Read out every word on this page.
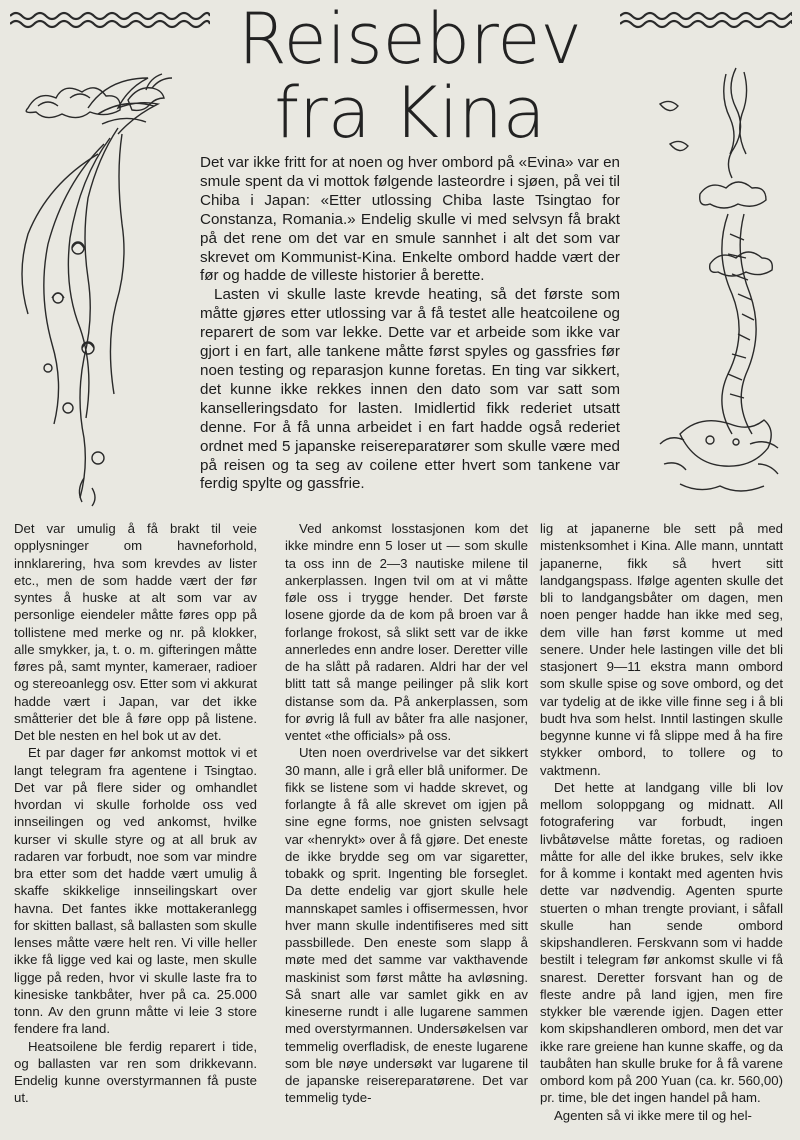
Reisebrev
fra Kina

Det var ikke fritt for at noen og hver ombord på «Evina» var en smule spent da vi mottok følgende lasteordre i sjøen, på vei til Chiba i Japan: «Etter utlossing Chiba laste Tsingtao for Constanza, Romania.» Endelig skulle vi med selvsyn få brakt på det rene om det var en smule sannhet i alt det som var skrevet om Kommunist-Kina. Enkelte ombord hadde vært der før og hadde de villeste historier å berette.

Lasten vi skulle laste krevde heating, så det første som måtte gjøres etter utlossing var å få testet alle heatcoilene og reparert de som var lekke. Dette var et arbeide som ikke var gjort i en fart, alle tankene måtte først spyles og gassfries før noen testing og reparasjon kunne foretas. En ting var sikkert, det kunne ikke rekkes innen den dato som var satt som kanselleringsdato for lasten. Imidlertid fikk rederiet utsatt denne. For å få unna arbeidet i en fart hadde også rederiet ordnet med 5 japanske reisereparatører som skulle være med på reisen og ta seg av coilene etter hvert som tankene var ferdig spylte og gassfrie.

Det var umulig å få brakt til veie opplysninger om havneforhold, innklarering, hva som krevdes av lister etc., men de som hadde vært der før syntes å huske at alt som var av personlige eiendeler måtte føres opp på tollistene med merke og nr. på klokker, alle smykker, ja, t. o. m. gifteringen måtte føres på, samt mynter, kameraer, radioer og stereoanlegg osv. Etter som vi akkurat hadde vært i Japan, var det ikke småtterier det ble å føre opp på listene. Det ble nesten en hel bok ut av det.

Et par dager før ankomst mottok vi et langt telegram fra agentene i Tsingtao. Det var på flere sider og omhandlet hvordan vi skulle forholde oss ved innseilingen og ved ankomst, hvilke kurser vi skulle styre og at all bruk av radaren var forbudt, noe som var mindre bra etter som det hadde vært umulig å skaffe skikkelige innseilingskart over havna. Det fantes ikke mottakeranlegg for skitten ballast, så ballasten som skulle lenses måtte være helt ren. Vi ville heller ikke få ligge ved kai og laste, men skulle ligge på reden, hvor vi skulle laste fra to kinesiske tankbåter, hver på ca. 25.000 tonn. Av den grunn måtte vi leie 3 store fendere fra land.

Heatsoilene ble ferdig reparert i tide, og ballasten var ren som drikkevann. Endelig kunne overstyrmannen få puste ut.

Ved ankomst losstasjonen kom det ikke mindre enn 5 loser ut — som skulle ta oss inn de 2—3 nautiske milene til ankerplassen. Ingen tvil om at vi måtte føle oss i trygge hender. Det første losene gjorde da de kom på broen var å forlange frokost, så slikt sett var de ikke annerledes enn andre loser. Deretter ville de ha slått på radaren. Aldri har der vel blitt tatt så mange peilinger på slik kort distanse som da. På ankerplassen, som for øvrig lå full av båter fra alle nasjoner, ventet «the officials» på oss.

Uten noen overdrivelse var det sikkert 30 mann, alle i grå eller blå uniformer. De fikk se listene som vi hadde skrevet, og forlangte å få alle skrevet om igjen på sine egne forms, noe gnisten selvsagt var «henrykt» over å få gjøre. Det eneste de ikke brydde seg om var sigaretter, tobakk og sprit. Ingenting ble forseglet. Da dette endelig var gjort skulle hele mannskapet samles i offisermessen, hvor hver mann skulle indentifiseres med sitt passbillede. Den eneste som slapp å møte med det samme var vakthavende maskinist som først måtte ha avløsning. Så snart alle var samlet gikk en av kineserne rundt i alle lugarene sammen med overstyrmannen. Undersøkelsen var temmelig overfladisk, de eneste lugarene som ble nøye undersøkt var lugarene til de japanske reisereparatørene. Det var temmelig tyde-

lig at japanerne ble sett på med mistenksomhet i Kina. Alle mann, unntatt japanerne, fikk så hvert sitt landgangspass. Ifølge agenten skulle det bli to landgangsbåter om dagen, men noen penger hadde han ikke med seg, dem ville han først komme ut med senere. Under hele lastingen ville det bli stasjonert 9—11 ekstra mann ombord som skulle spise og sove ombord, og det var tydelig at de ikke ville finne seg i å bli budt hva som helst. Inntil lastingen skulle begynne kunne vi få slippe med å ha fire stykker ombord, to tollere og to vaktmenn.

Det hette at landgang ville bli lov mellom soloppgang og midnatt. All fotografering var forbudt, ingen livbåtøvelse måtte foretas, og radioen måtte for alle del ikke brukes, selv ikke for å komme i kontakt med agenten hvis dette var nødvendig. Agenten spurte stuerten o mhan trengte proviant, i såfall skulle han sende ombord skipshandleren. Ferskvann som vi hadde bestilt i telegram før ankomst skulle vi få snarest. Deretter forsvant han og de fleste andre på land igjen, men fire stykker ble værende igjen. Dagen etter kom skipshandleren ombord, men det var ikke rare greiene han kunne skaffe, og da taubåten han skulle bruke for å få varene ombord kom på 200 Yuan (ca. kr. 560,00) pr. time, ble det ingen handel på ham.

Agenten så vi ikke mere til og hel-
